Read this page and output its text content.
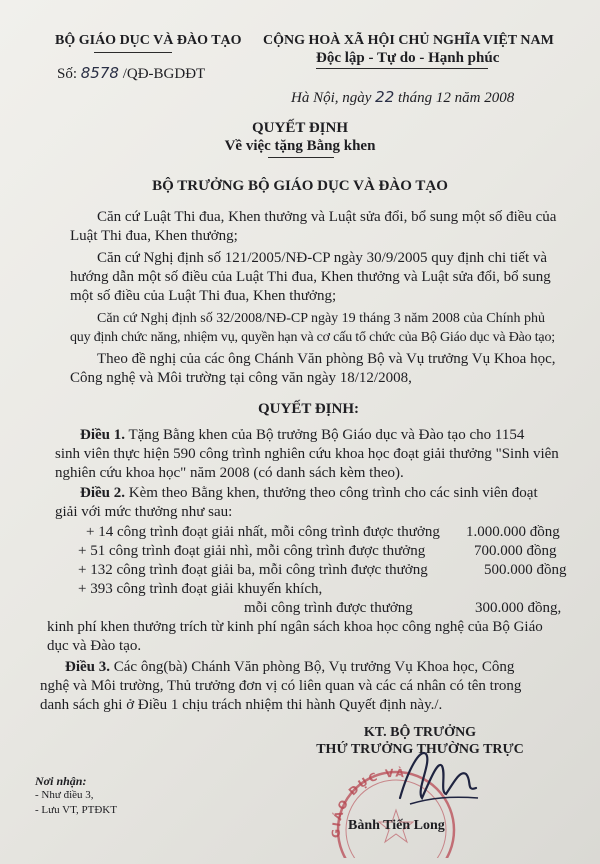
BỘ GIÁO DỤC VÀ ĐÀO TẠO
Số: 8578 /QĐ-BGDĐT
CỘNG HOÀ XÃ HỘI CHỦ NGHĨA VIỆT NAM
Độc lập - Tự do - Hạnh phúc
Hà Nội, ngày 22 tháng 12 năm 2008
QUYẾT ĐỊNH
Về việc tặng Bằng khen
BỘ TRƯỞNG BỘ GIÁO DỤC VÀ ĐÀO TẠO
Căn cứ Luật Thi đua, Khen thưởng và Luật sửa đổi, bổ sung một số điều của
Luật Thi đua, Khen thưởng;
Căn cứ Nghị định số 121/2005/NĐ-CP ngày 30/9/2005 quy định chi tiết và
hướng dẫn một số điều của Luật Thi đua, Khen thưởng và Luật sửa đổi, bổ sung
một số điều của Luật Thi đua, Khen thưởng;
Căn cứ Nghị định số 32/2008/NĐ-CP ngày 19 tháng 3 năm 2008 của Chính phủ
quy định chức năng, nhiệm vụ, quyền hạn và cơ cấu tổ chức của Bộ Giáo dục và Đào tạo;
Theo đề nghị của các ông Chánh Văn phòng Bộ và Vụ trưởng Vụ Khoa học,
Công nghệ và Môi trường tại công văn ngày 18/12/2008,
QUYẾT ĐỊNH:
Điều 1. Tặng Bằng khen của Bộ trưởng Bộ Giáo dục và Đào tạo cho 1154
sinh viên thực hiện 590 công trình nghiên cứu khoa học đoạt giải thưởng "Sinh viên
nghiên cứu khoa học" năm 2008 (có danh sách kèm theo).
Điều 2. Kèm theo Bằng khen, thưởng theo công trình cho các sinh viên đoạt
giải với mức thưởng như sau:
+ 14 công trình đoạt giải nhất, mỗi công trình được thưởng 1.000.000 đồng
+ 51 công trình đoạt giải nhì, mỗi công trình được thưởng	700.000 đồng
+ 132 công trình đoạt giải ba, mỗi công trình được thưởng	500.000 đồng
+ 393 công trình đoạt giải khuyến khích,
mỗi công trình được thưởng	300.000 đồng,
kinh phí khen thưởng trích từ kinh phí ngân sách khoa học công nghệ của Bộ Giáo
dục và Đào tạo.
Điều 3. Các ông(bà) Chánh Văn phòng Bộ, Vụ trưởng Vụ Khoa học, Công
nghệ và Môi trường, Thủ trưởng đơn vị có liên quan và các cá nhân có tên trong
danh sách ghi ở Điều 1 chịu trách nhiệm thi hành Quyết định này./.
KT. BỘ TRƯỞNG
THỨ TRƯỞNG THƯỜNG TRỰC
GIÁO DỤC VÀ
Bành Tiến Long
Nơi nhận:
- Như điều 3,
- Lưu VT, PTĐKT
